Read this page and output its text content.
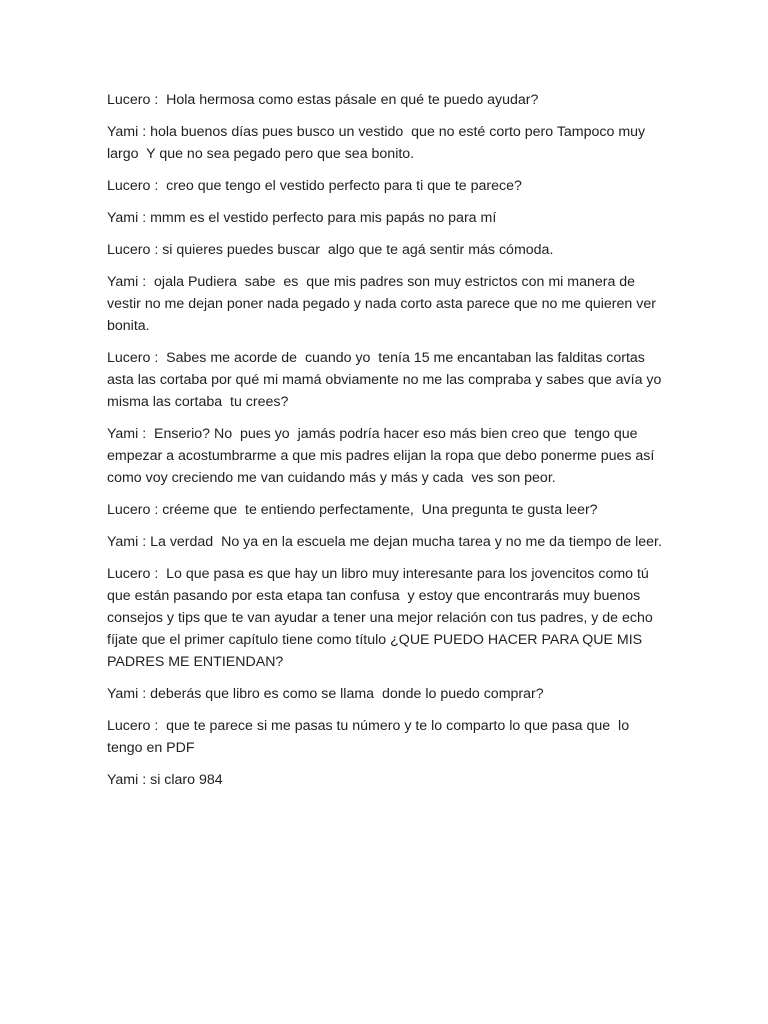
Lucero :  Hola hermosa como estas pásale en qué te puedo ayudar?

Yami : hola buenos días pues busco un vestido  que no esté corto pero Tampoco muy largo  Y que no sea pegado pero que sea bonito.

Lucero :  creo que tengo el vestido perfecto para ti que te parece?

Yami : mmm es el vestido perfecto para mis papás no para mí

Lucero : si quieres puedes buscar  algo que te agá sentir más cómoda.

Yami :  ojala Pudiera  sabe  es  que mis padres son muy estrictos con mi manera de vestir no me dejan poner nada pegado y nada corto asta parece que no me quieren ver bonita.

Lucero :  Sabes me acorde de  cuando yo  tenía 15 me encantaban las falditas cortas asta las cortaba por qué mi mamá obviamente no me las compraba y sabes que avía yo misma las cortaba  tu crees?

Yami :  Enserio? No  pues yo  jamás podría hacer eso más bien creo que  tengo que empezar a acostumbrarme a que mis padres elijan la ropa que debo ponerme pues así como voy creciendo me van cuidando más y más y cada  ves son peor.

Lucero : créeme que  te entiendo perfectamente,  Una pregunta te gusta leer?

Yami : La verdad  No ya en la escuela me dejan mucha tarea y no me da tiempo de leer.

Lucero :  Lo que pasa es que hay un libro muy interesante para los jovencitos como tú que están pasando por esta etapa tan confusa  y estoy que encontrarás muy buenos consejos y tips que te van ayudar a tener una mejor relación con tus padres, y de echo fíjate que el primer capítulo tiene como título ¿QUE PUEDO HACER PARA QUE MIS PADRES ME ENTIENDAN?

Yami : deberás que libro es como se llama  donde lo puedo comprar?

Lucero :  que te parece si me pasas tu número y te lo comparto lo que pasa que  lo tengo en PDF

Yami : si claro 984
